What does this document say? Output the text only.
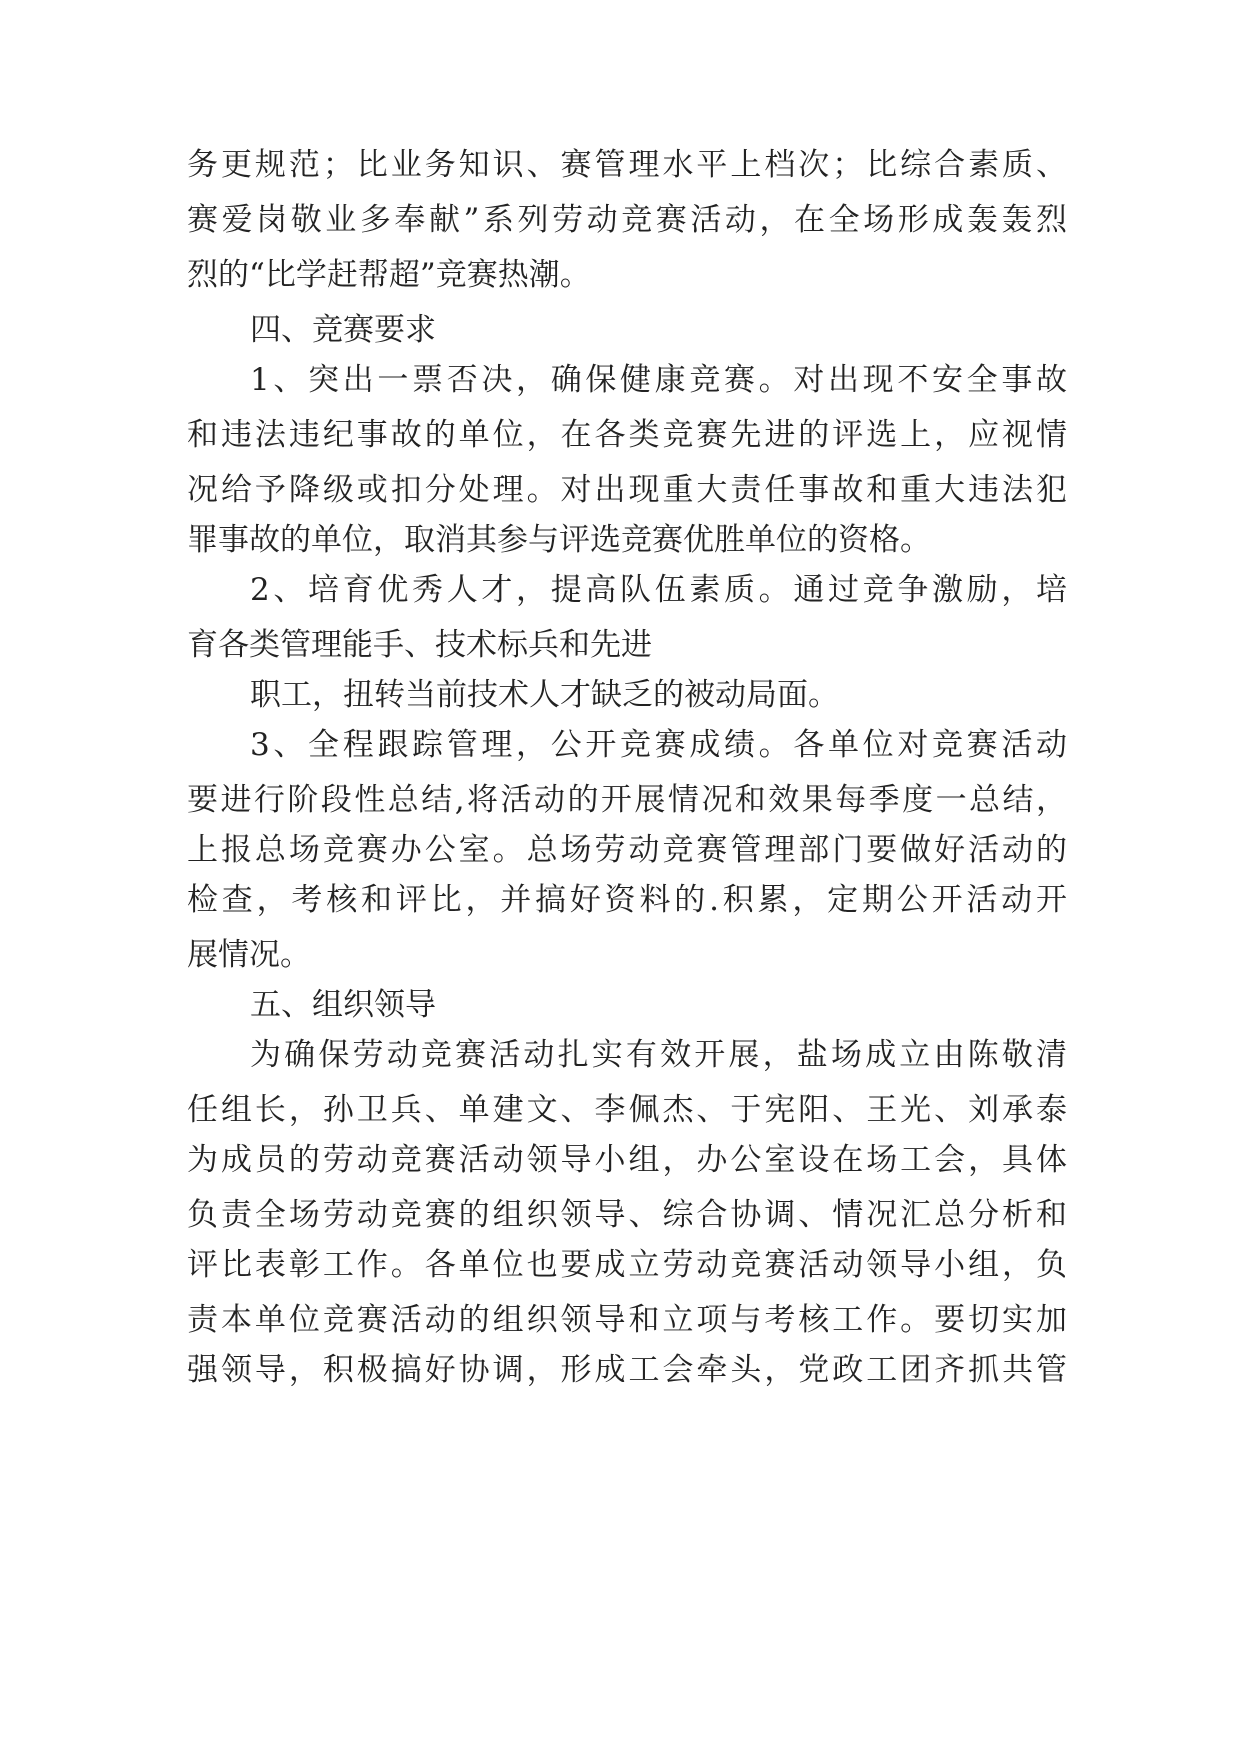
务更规范；比业务知识、赛管理水平上档次；比综合素质、
赛爱岗敬业多奉献”系列劳动竞赛活动，在全场形成轰轰烈
烈的“比学赶帮超”竞赛热潮。
四、竞赛要求
1、突出一票否决，确保健康竞赛。对出现不安全事故
和违法违纪事故的单位，在各类竞赛先进的评选上，应视情
况给予降级或扣分处理。对出现重大责任事故和重大违法犯
罪事故的单位，取消其参与评选竞赛优胜单位的资格。
2、培育优秀人才，提高队伍素质。通过竞争激励，培
育各类管理能手、技术标兵和先进
职工，扭转当前技术人才缺乏的被动局面。
3、全程跟踪管理，公开竞赛成绩。各单位对竞赛活动
要进行阶段性总结,将活动的开展情况和效果每季度一总结，
上报总场竞赛办公室。总场劳动竞赛管理部门要做好活动的
检查，考核和评比，并搞好资料的.积累，定期公开活动开
展情况。
五、组织领导
为确保劳动竞赛活动扎实有效开展，盐场成立由陈敬清
任组长，孙卫兵、单建文、李佩杰、于宪阳、王光、刘承泰
为成员的劳动竞赛活动领导小组，办公室设在场工会，具体
负责全场劳动竞赛的组织领导、综合协调、情况汇总分析和
评比表彰工作。各单位也要成立劳动竞赛活动领导小组，负
责本单位竞赛活动的组织领导和立项与考核工作。要切实加
强领导，积极搞好协调，形成工会牵头，党政工团齐抓共管
